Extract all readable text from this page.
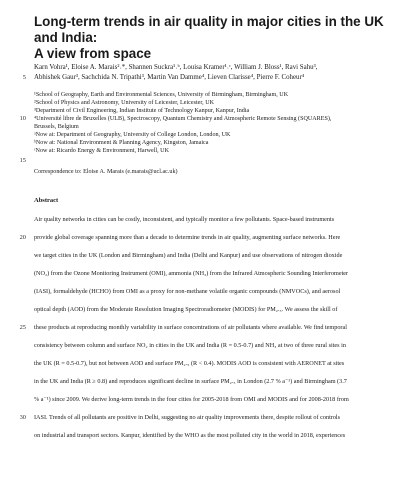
Long-term trends in air quality in major cities in the UK and India:
A view from space
Karn Vohra¹, Eloise A. Marais²˒*, Shannen Suckra¹˒ᵇ, Louisa Kramer¹˒ᶜ, William J. Bloss¹, Ravi Sahu³,
Abhishek Gaur³, Sachchida N. Tripathi³, Martin Van Damme⁴, Lieven Clarisse⁴, Pierre F. Coheur⁴
¹School of Geography, Earth and Environmental Sciences, University of Birmingham, Birmingham, UK
²School of Physics and Astronomy, University of Leicester, Leicester, UK
³Department of Civil Engineering, Indian Institute of Technology Kanpur, Kanpur, India
⁴Université libre de Bruxelles (ULB), Spectroscopy, Quantum Chemistry and Atmospheric Remote Sensing (SQUARES),
Brussels, Belgium
ᵃNow at: Department of Geography, University of College London, London, UK
ᵇNow at: National Environment & Planning Agency, Kingston, Jamaica
ᶜNow at: Ricardo Energy & Environment, Harwell, UK
Correspondence to: Eloise A. Marais (e.marais@ucl.ac.uk)
Abstract
Air quality networks in cities can be costly, inconsistent, and typically monitor a few pollutants. Space-based instruments
provide global coverage spanning more than a decade to determine trends in air quality, augmenting surface networks. Here
we target cities in the UK (London and Birmingham) and India (Delhi and Kanpur) and use observations of nitrogen dioxide
(NO₂) from the Ozone Monitoring Instrument (OMI), ammonia (NH₃) from the Infrared Atmospheric Sounding Interferometer
(IASI), formaldehyde (HCHO) from OMI as a proxy for non-methane volatile organic compounds (NMVOCs), and aerosol
optical depth (AOD) from the Moderate Resolution Imaging Spectroradiometer (MODIS) for PM₂.₅. We assess the skill of
these products at reproducing monthly variability in surface concentrations of air pollutants where available. We find temporal
consistency between column and surface NO₂ in cities in the UK and India (R = 0.5-0.7) and NH₃ at two of three rural sites in
the UK (R = 0.5-0.7), but not between AOD and surface PM₂.₅ (R < 0.4). MODIS AOD is consistent with AERONET at sites
in the UK and India (R ≥ 0.8) and reproduces significant decline in surface PM₂.₅ in London (2.7 % a⁻¹) and Birmingham (3.7
% a⁻¹) since 2009. We derive long-term trends in the four cities for 2005-2018 from OMI and MODIS and for 2008-2018 from
IASI. Trends of all pollutants are positive in Delhi, suggesting no air quality improvements there, despite rollout of controls
on industrial and transport sectors. Kanpur, identified by the WHO as the most polluted city in the world in 2018, experiences
5
10
15
20
25
30
